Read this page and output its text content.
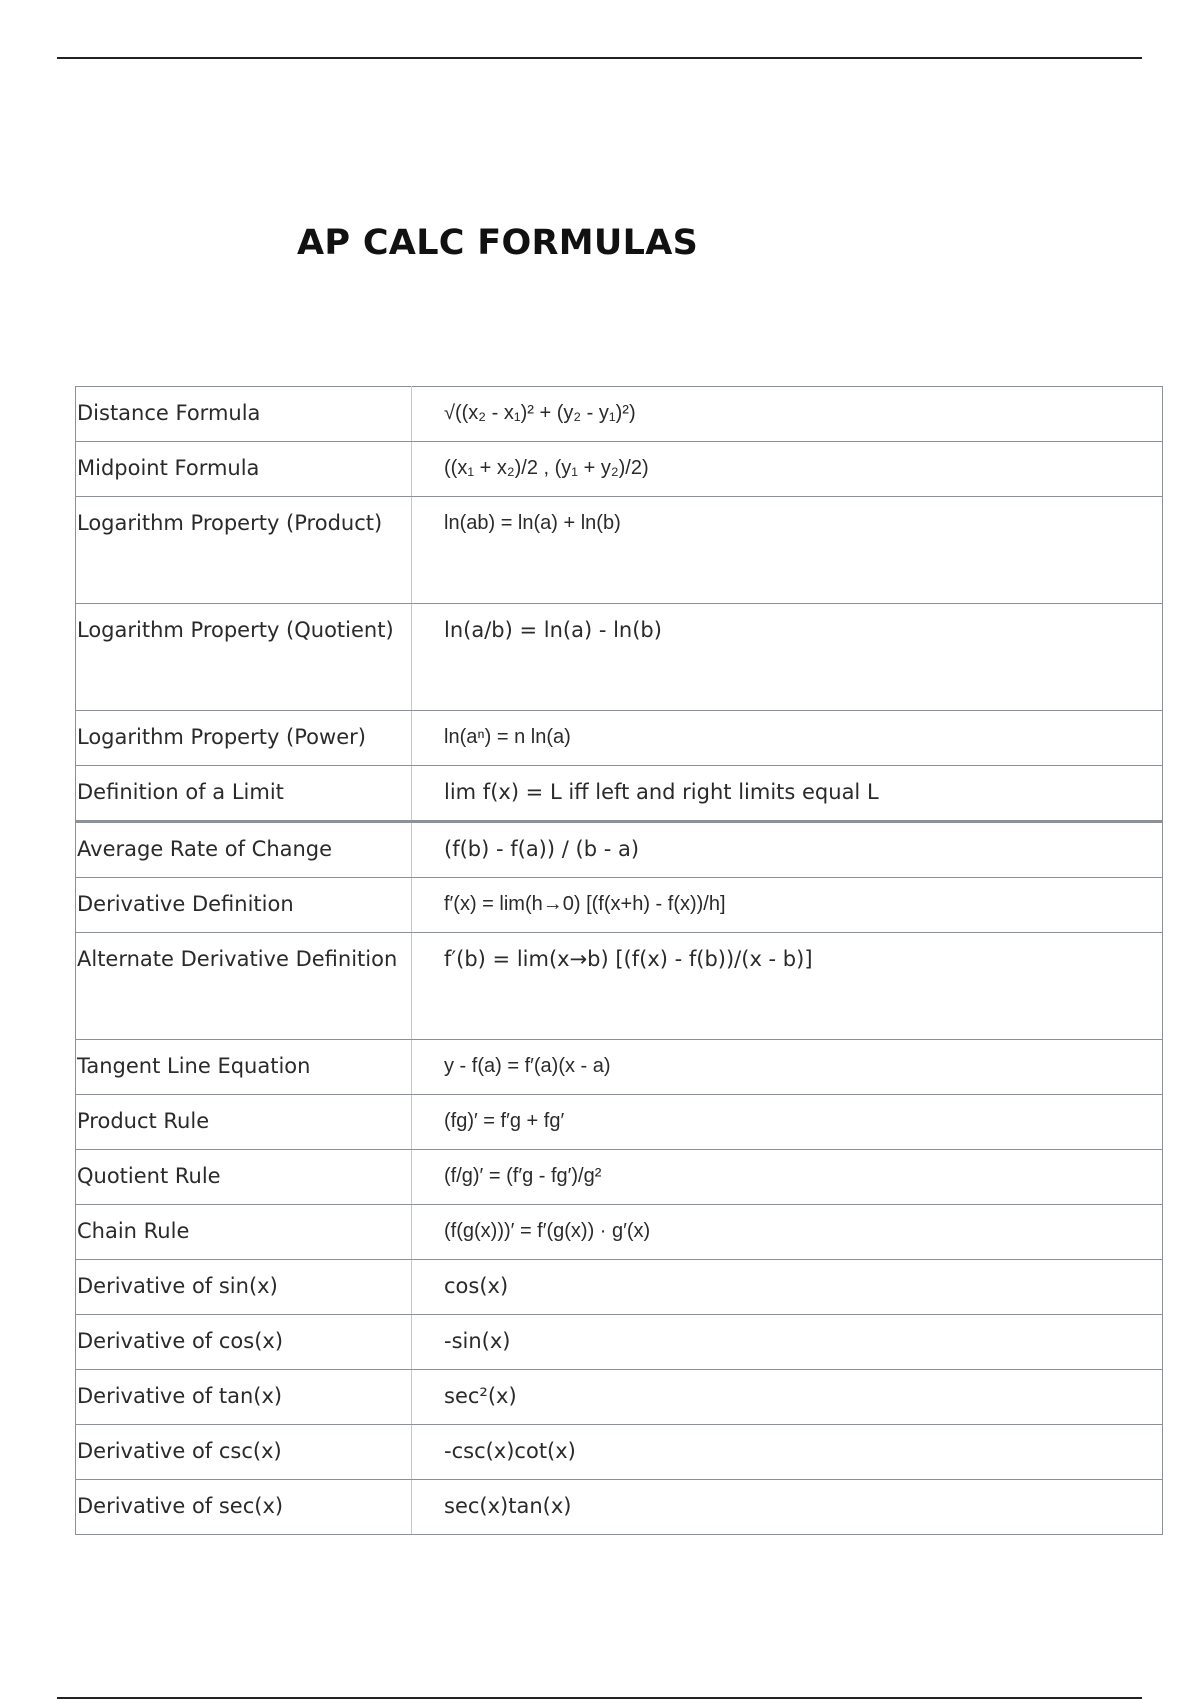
AP CALC FORMULAS
Distance Formula	√((x₂ - x₁)² + (y₂ - y₁)²)
Midpoint Formula	((x₁ + x₂)/2 , (y₁ + y₂)/2)
Logarithm Property (Product)	ln(ab) = ln(a) + ln(b)
Logarithm Property (Quotient)	ln(a/b) = ln(a) - ln(b)
Logarithm Property (Power)	ln(aⁿ) = n ln(a)
Definition of a Limit	lim f(x) = L iff left and right limits equal L
Average Rate of Change	(f(b) - f(a)) / (b - a)
Derivative Definition	f′(x) = lim(h→0) [(f(x+h) - f(x))/h]
Alternate Derivative Definition	f′(b) = lim(x→b) [(f(x) - f(b))/(x - b)]
Tangent Line Equation	y - f(a) = f′(a)(x - a)
Product Rule	(fg)′ = f′g + fg′
Quotient Rule	(f/g)′ = (f′g - fg′)/g²
Chain Rule	(f(g(x)))′ = f′(g(x)) · g′(x)
Derivative of sin(x)	cos(x)
Derivative of cos(x)	-sin(x)
Derivative of tan(x)	sec²(x)
Derivative of csc(x)	-csc(x)cot(x)
Derivative of sec(x)	sec(x)tan(x)
